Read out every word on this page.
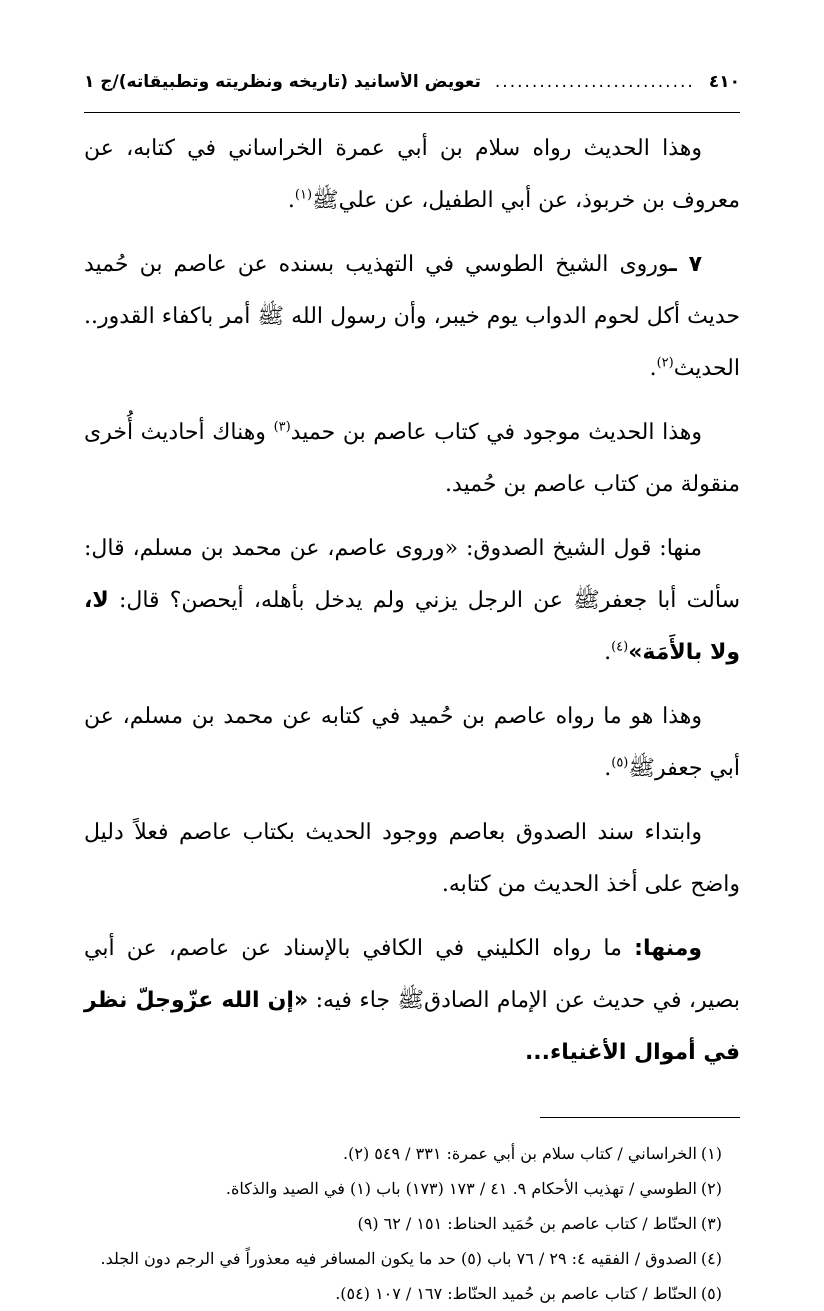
٤١٠
...........................
تعويض الأسانيد (تاريخه ونظريته وتطبيقاته)/ج ١

وهذا الحديث رواه سلام بن أبي عمرة الخراساني في كتابه، عن معروف بن خربوذ، عن أبي الطفيل، عن عليﷺ$^{(١)}$.

٧ ـوروى الشيخ الطوسي في التهذيب بسنده عن عاصم بن حُميد حديث أكل لحوم الدواب يوم خيبر، وأن رسول الله ﷺ أمر باكفاء القدور.. الحديث$^{(٢)}$.

وهذا الحديث موجود في كتاب عاصم بن حميد$^{(٣)}$ وهناك أحاديث أُخرى منقولة من كتاب عاصم بن حُميد.

منها: قول الشيخ الصدوق: «وروى عاصم، عن محمد بن مسلم، قال: سألت أبا جعفرﷺ عن الرجل يزني ولم يدخل بأهله، أيحصن؟ قال: لا، ولا بالأَمَة»$^{(٤)}$.

وهذا هو ما رواه عاصم بن حُميد في كتابه عن محمد بن مسلم، عن أبي جعفرﷺ$^{(٥)}$.

وابتداء سند الصدوق بعاصم ووجود الحديث بكتاب عاصم فعلاً دليل واضح على أخذ الحديث من كتابه.

ومنها: ما رواه الكليني في الكافي بالإسناد عن عاصم، عن أبي بصير، في حديث عن الإمام الصادقﷺ جاء فيه: «إن الله عزّوجلّ نظر في أموال الأغنياء...

(١)الخراساني / كتاب سلام بن أبي عمرة: ٣٣١ / ٥٤٩ (٢).

(٢)الطوسي / تهذيب الأحكام ٩. ٤١ / ١٧٣ (١٧٣) باب (١) في الصيد والذكاة.

(٣)الحنّاط / كتاب عاصم بن حُمَيد الحناط: ١٥١ / ٦٢ (٩)

(٤)الصدوق / الفقيه ٤: ٢٩ / ٧٦ باب (٥) حد ما يكون المسافر فيه معذوراً في الرجم دون الجلد.

(٥)الحنّاط / كتاب عاصم بن حُميد الحنّاط: ١٦٧ / ١٠٧ (٥٤).
